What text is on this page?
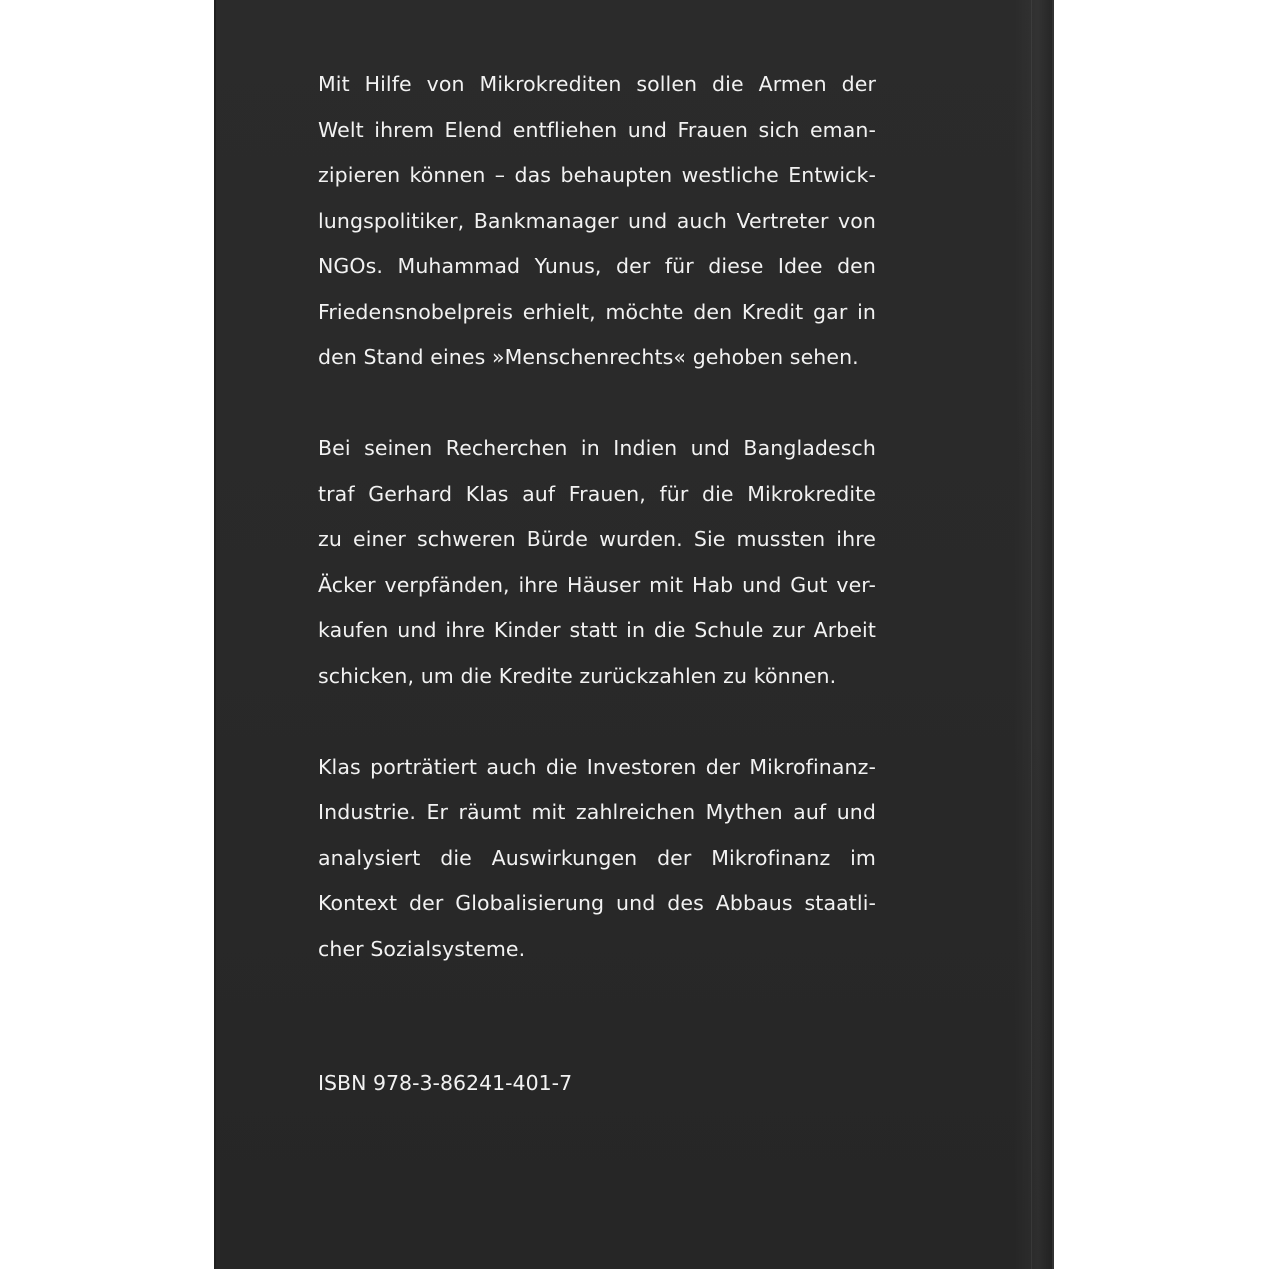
Mit Hilfe von Mikrokrediten sollen die Armen der
Welt ihrem Elend entfliehen und Frauen sich eman-
zipieren können – das behaupten westliche Entwick-
lungspolitiker, Bankmanager und auch Vertreter von
NGOs. Muhammad Yunus, der für diese Idee den
Friedensnobelpreis erhielt, möchte den Kredit gar in
den Stand eines »Menschenrechts« gehoben sehen.
Bei seinen Recherchen in Indien und Bangladesch
traf Gerhard Klas auf Frauen, für die Mikrokredite
zu einer schweren Bürde wurden. Sie mussten ihre
Äcker verpfänden, ihre Häuser mit Hab und Gut ver-
kaufen und ihre Kinder statt in die Schule zur Arbeit
schicken, um die Kredite zurückzahlen zu können.
Klas porträtiert auch die Investoren der Mikrofinanz-
Industrie. Er räumt mit zahlreichen Mythen auf und
analysiert die Auswirkungen der Mikrofinanz im
Kontext der Globalisierung und des Abbaus staatli-
cher Sozialsysteme.
ISBN 978-3-86241-401-7
